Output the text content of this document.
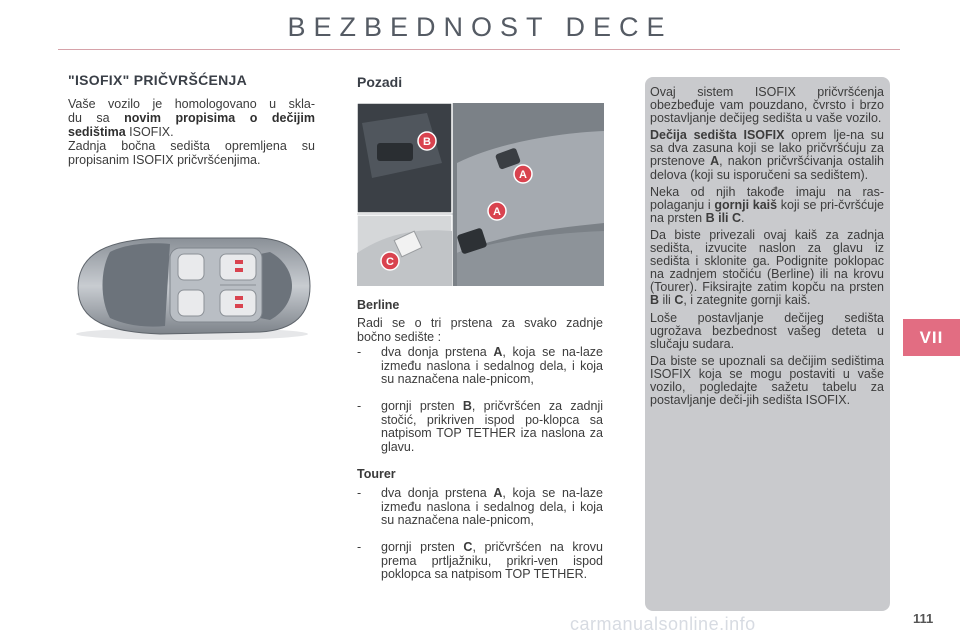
BEZBEDNOST DECE
VII
"ISOFIX" PRIČVRŠĆENJA
Vaše vozilo je homologovano u skla-
du sa novim propisima o dečijim
sedištima ISOFIX.
Zadnja bočna sedišta opremljena su
propisanim ISOFIX pričvršćenjima.
Pozadi
B
A
A
C
Berline
Radi se o tri prstena za svako zadnje
bočno sedište :
- dva donja prstena A, koja se na-laze između naslona i sedalnog dela, i koja su naznačena nale-pnicom,
- gornji prsten B, pričvršćen za zadnji stočić, prikriven ispod po-klopca sa natpisom TOP TETHER iza naslona za glavu.
Tourer
- dva donja prstena A, koja se na-laze između naslona i sedalnog dela, i koja su naznačena nale-pnicom,
- gornji prsten C, pričvršćen na krovu prema prtljažniku, prikri-ven ispod poklopca sa natpisom TOP TETHER.
Ovaj sistem ISOFIX pričvršćenja obezbeđuje vam pouzdano, čvrsto i brzo postavljanje dečijeg sedišta u vaše vozilo.
Dečija sedišta ISOFIX oprem lje-na su sa dva zasuna koji se lako pričvršćuju za prstenove A, nakon pričvršćivanja ostalih delova (koji su isporučeni sa sedištem).
Neka od njih takođe imaju na ras-polaganju i gornji kaiš koji se pri-čvršćuje na prsten B ili C.
Da biste privezali ovaj kaiš za zadnja sedišta, izvucite naslon za glavu iz sedišta i sklonite ga. Podignite poklopac na zadnjem stočiću (Berline) ili na krovu (Tourer). Fiksirajte zatim kopču na prsten B ili C, i zategnite gornji kaiš.
Loše postavljanje dečijeg sedišta ugrožava bezbednost vašeg deteta u slučaju sudara.
Da biste se upoznali sa dečijim sedištima ISOFIX koja se mogu postaviti u vaše vozilo, pogledajte sažetu tabelu za postavljanje deči-jih sedišta ISOFIX.
carmanualsonline.info	111
